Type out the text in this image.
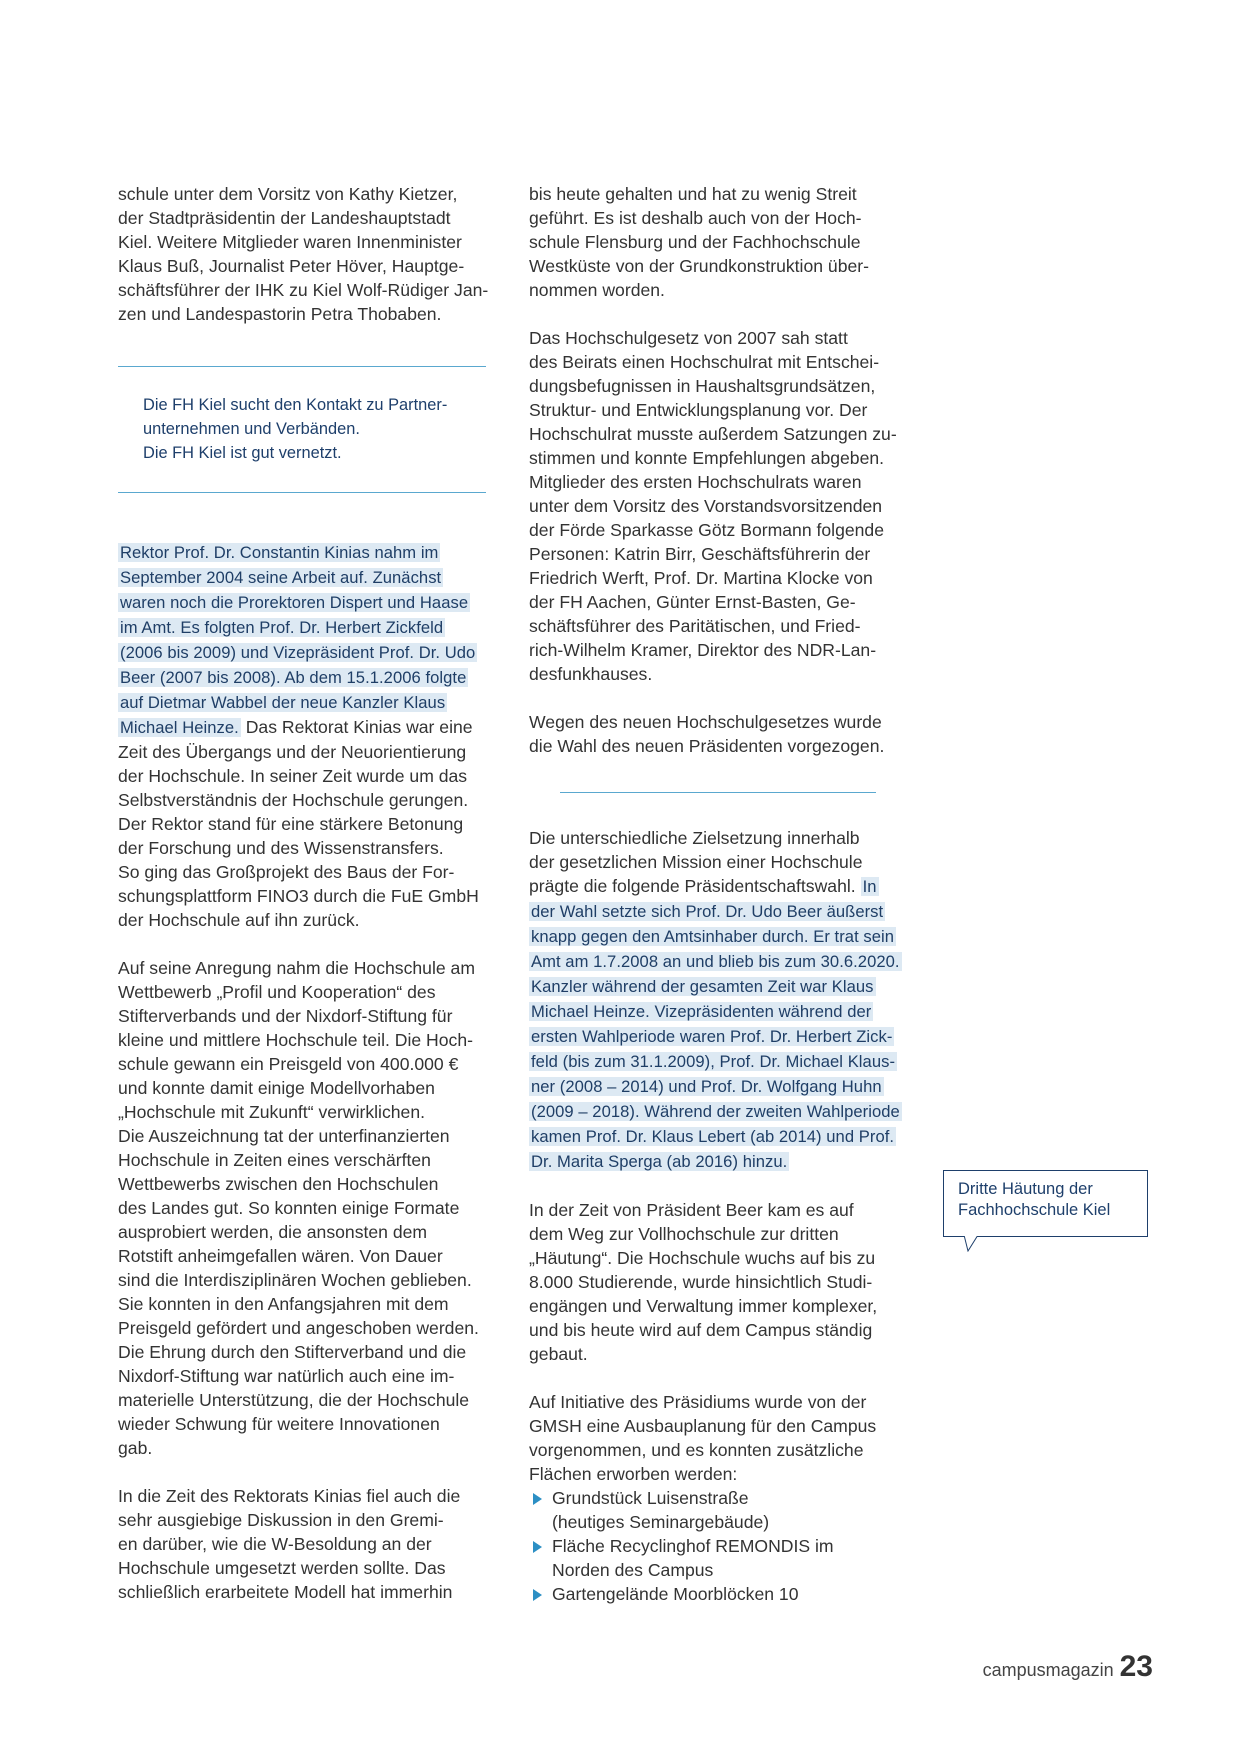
schule unter dem Vorsitz von Kathy Kietzer,
der Stadtpräsidentin der Landeshauptstadt
Kiel. Weitere Mitglieder waren Innenminister
Klaus Buß, Journalist Peter Höver, Hauptge-
schäftsführer der IHK zu Kiel Wolf-Rüdiger Jan-
zen und Landespastorin Petra Thobaben.
Die FH Kiel sucht den Kontakt zu Partner-
unternehmen und Verbänden.
Die FH Kiel ist gut vernetzt.
Rektor Prof. Dr. Constantin Kinias nahm im
September 2004 seine Arbeit auf. Zunächst
waren noch die Prorektoren Dispert und Haase
im Amt. Es folgten Prof. Dr. Herbert Zickfeld
(2006 bis 2009) und Vizepräsident Prof. Dr. Udo
Beer (2007 bis 2008). Ab dem 15.1.2006 folgte
auf Dietmar Wabbel der neue Kanzler Klaus
Michael Heinze. Das Rektorat Kinias war eine
Zeit des Übergangs und der Neuorientierung
der Hochschule. In seiner Zeit wurde um das
Selbstverständnis der Hochschule gerungen.
Der Rektor stand für eine stärkere Betonung
der Forschung und des Wissenstransfers.
So ging das Großprojekt des Baus der For-
schungsplattform FINO3 durch die FuE GmbH
der Hochschule auf ihn zurück.
Auf seine Anregung nahm die Hochschule am
Wettbewerb „Profil und Kooperation“ des
Stifterverbands und der Nixdorf-Stiftung für
kleine und mittlere Hochschule teil. Die Hoch-
schule gewann ein Preisgeld von 400.000 €
und konnte damit einige Modellvorhaben
„Hochschule mit Zukunft“ verwirklichen.
Die Auszeichnung tat der unterfinanzierten
Hochschule in Zeiten eines verschärften
Wettbewerbs zwischen den Hochschulen
des Landes gut. So konnten einige Formate
ausprobiert werden, die ansonsten dem
Rotstift anheimgefallen wären. Von Dauer
sind die Interdisziplinären Wochen geblieben.
Sie konnten in den Anfangsjahren mit dem
Preisgeld gefördert und angeschoben werden.
Die Ehrung durch den Stifterverband und die
Nixdorf-Stiftung war natürlich auch eine im-
materielle Unterstützung, die der Hochschule
wieder Schwung für weitere Innovationen
gab.
In die Zeit des Rektorats Kinias fiel auch die
sehr ausgiebige Diskussion in den Gremi-
en darüber, wie die W-Besoldung an der
Hochschule umgesetzt werden sollte. Das
schließlich erarbeitete Modell hat immerhin
bis heute gehalten und hat zu wenig Streit
geführt. Es ist deshalb auch von der Hoch-
schule Flensburg und der Fachhochschule
Westküste von der Grundkonstruktion über-
nommen worden.
Das Hochschulgesetz von 2007 sah statt
des Beirats einen Hochschulrat mit Entschei-
dungsbefugnissen in Haushaltsgrundsätzen,
Struktur- und Entwicklungsplanung vor. Der
Hochschulrat musste außerdem Satzungen zu-
stimmen und konnte Empfehlungen abgeben.
Mitglieder des ersten Hochschulrats waren
unter dem Vorsitz des Vorstandsvorsitzenden
der Förde Sparkasse Götz Bormann folgende
Personen: Katrin Birr, Geschäftsführerin der
Friedrich Werft, Prof. Dr. Martina Klocke von
der FH Aachen, Günter Ernst-Basten, Ge-
schäftsführer des Paritätischen, und Fried-
rich-Wilhelm Kramer, Direktor des NDR-Lan-
desfunkhauses.
Wegen des neuen Hochschulgesetzes wurde
die Wahl des neuen Präsidenten vorgezogen.
Die unterschiedliche Zielsetzung innerhalb
der gesetzlichen Mission einer Hochschule
prägte die folgende Präsidentschaftswahl. In
der Wahl setzte sich Prof. Dr. Udo Beer äußerst
knapp gegen den Amtsinhaber durch. Er trat sein
Amt am 1.7.2008 an und blieb bis zum 30.6.2020.
Kanzler während der gesamten Zeit war Klaus
Michael Heinze. Vizepräsidenten während der
ersten Wahlperiode waren Prof. Dr. Herbert Zick-
feld (bis zum 31.1.2009), Prof. Dr. Michael Klaus-
ner (2008 – 2014) und Prof. Dr. Wolfgang Huhn
(2009 – 2018). Während der zweiten Wahlperiode
kamen Prof. Dr. Klaus Lebert (ab 2014) und Prof.
Dr. Marita Sperga (ab 2016) hinzu.
In der Zeit von Präsident Beer kam es auf
dem Weg zur Vollhochschule zur dritten
„Häutung“. Die Hochschule wuchs auf bis zu
8.000 Studierende, wurde hinsichtlich Studi-
engängen und Verwaltung immer komplexer,
und bis heute wird auf dem Campus ständig
gebaut.
Auf Initiative des Präsidiums wurde von der
GMSH eine Ausbauplanung für den Campus
vorgenommen, und es konnten zusätzliche
Flächen erworben werden:
Grundstück Luisenstraße
(heutiges Seminargebäude)
Fläche Recyclinghof REMONDIS im
Norden des Campus
Gartengelände Moorblöcken 10
Dritte Häutung der
Fachhochschule Kiel
campusmagazin 23
